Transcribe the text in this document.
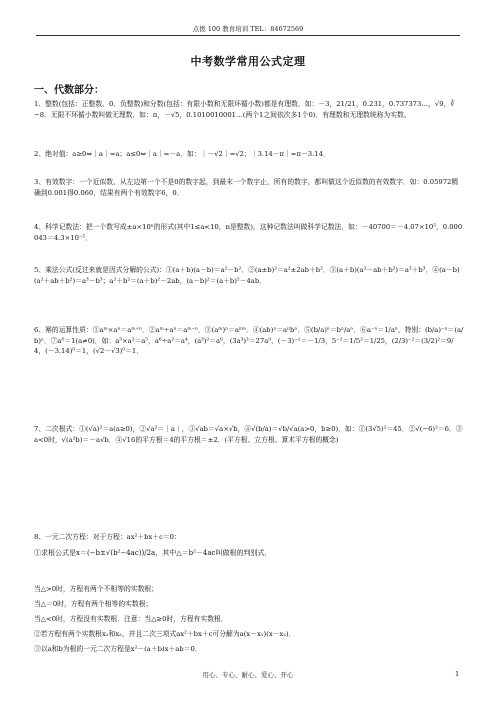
点拨 100 教育培训 TEL：84672569
中考数学常用公式定理
一、代数部分：
1、整数(包括：正整数、0、负整数)和分数(包括：有限小数和无限环循小数)都是有理数．如：－3，21/21，0.231，0.737373…，√9，∛−8．无限不环循小数叫做无理数．如：π，－√5，0.1010010001…(两个1之间依次多1个0)．有理数和无理数统称为实数。
2、绝对值：a≥0⇔｜a｜=a；a≤0⇔｜a｜=－a．如：｜－√2｜=√2；｜3.14－π｜=π－3.14．
3、有效数字：一个近似数，从左边第一个不是0的数字起，到最末一个数字止，所有的数字，都叫做这个近似数的有效数字．如：0.05972精确到0.001得0.060，结果有两个有效数字6，0．
4、科学记数法：把一个数写成±a×10ⁿ的形式(其中1≤a<10，n是整数)，这种记数法叫做科学记数法．如：－40700＝－4.07×10⁵，0.000043＝4.3×10⁻⁵．
5、乘法公式(反过来就是因式分解的公式)：①(a＋b)(a－b)＝a²－b²．②(a±b)²＝a²±2ab＋b²．③(a＋b)(a²－ab＋b²)＝a³＋b³．④(a－b)(a²＋ab＋b²)＝a³－b³；a²＋b²＝(a＋b)²－2ab，(a－b)²＝(a＋b)²－4ab．
6、幂的运算性质：①aᵐ×aⁿ＝aᵐ⁺ⁿ．②aᵐ÷aⁿ＝aᵐ⁻ⁿ．③(aᵐ)ⁿ＝aᵐⁿ．④(ab)ⁿ＝aⁿbⁿ．⑤(b/a)ⁿ＝bⁿ/aⁿ．⑥a⁻ⁿ＝1/aⁿ，特别：(b/a)⁻ⁿ＝(a/b)ⁿ．⑦a⁰＝1(a≠0)．如：a³×a²＝a⁵，a⁶÷a²＝a⁴，(a³)²＝a⁶，(3a³)³＝27a⁹，(－3)⁻¹＝－1/3，5⁻²＝1/5²＝1/25，(2/3)⁻²＝(3/2)²＝9/4，(－3.14)⁰＝1，(√2－√3)⁰＝1．
7、二次根式：①(√a)²＝a(a≥0)，②√a²＝｜a｜，③√ab＝√a×√b，④√(b/a)＝√b/√a(a>0，b≥0)．如：①(3√5)²＝45．②√(−6)²＝6．③a<0时，√(a²b)＝－a√b．④√16的平方根＝4的平方根＝±2．(平方根、立方根、算术平方根的概念)
8、一元二次方程：对于方程：ax²＋bx＋c＝0：
①求根公式是x＝(−b±√(b²−4ac))/2a，其中△＝b²－4ac叫做根的判别式．
当△>0时，方程有两个不相等的实数根；
当△＝0时，方程有两个相等的实数根；
当△<0时，方程没有实数根．注意：当△≥0时，方程有实数根．
②若方程有两个实数根x₁和x₂，并且二次三项式ax²＋bx＋c可分解为a(x－x₁)(x－x₂)．
③以a和b为根的一元二次方程是x²－(a＋b)x＋ab＝0．
用心、专心、耐心、爱心、开心	1
